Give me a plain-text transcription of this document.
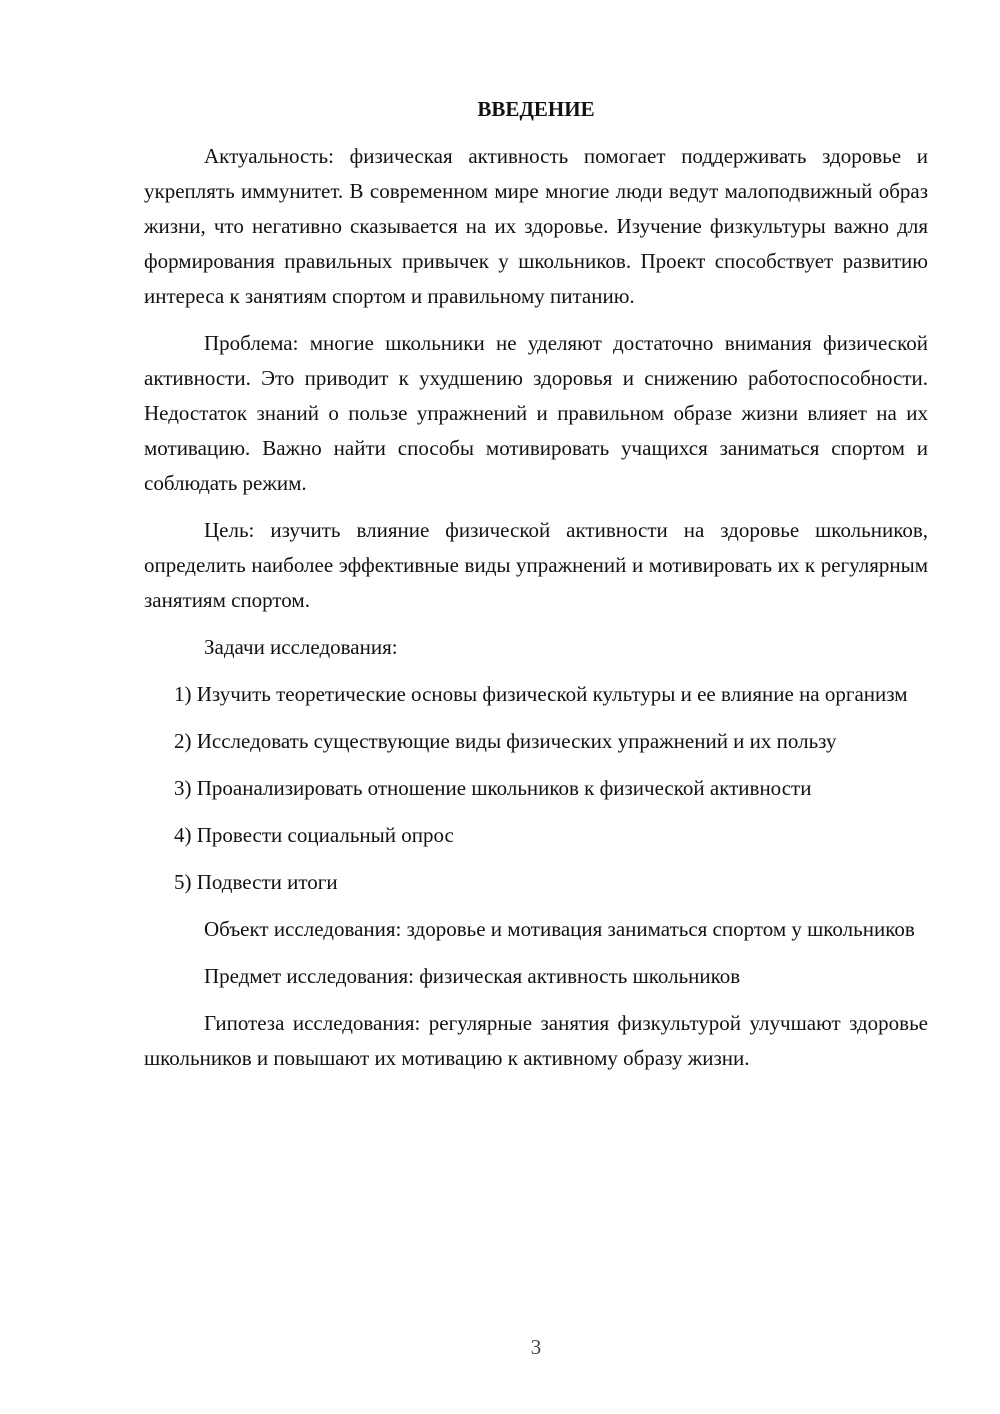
ВВЕДЕНИЕ

Актуальность: физическая активность помогает поддерживать здоровье и укреплять иммунитет. В современном мире многие люди ведут малоподвижный образ жизни, что негативно сказывается на их здоровье. Изучение физкультуры важно для формирования правильных привычек у школьников. Проект способствует развитию интереса к занятиям спортом и правильному питанию.

Проблема: многие школьники не уделяют достаточно внимания физической активности. Это приводит к ухудшению здоровья и снижению работоспособности. Недостаток знаний о пользе упражнений и правильном образе жизни влияет на их мотивацию. Важно найти способы мотивировать учащихся заниматься спортом и соблюдать режим.

Цель: изучить влияние физической активности на здоровье школьников, определить наиболее эффективные виды упражнений и мотивировать их к регулярным занятиям спортом.

Задачи исследования:

1) Изучить теоретические основы физической культуры и ее влияние на организм

2) Исследовать существующие виды физических упражнений и их пользу

3) Проанализировать отношение школьников к физической активности

4) Провести социальный опрос

5) Подвести итоги

Объект исследования: здоровье и мотивация заниматься спортом у школьников

Предмет исследования: физическая активность школьников

Гипотеза исследования: регулярные занятия физкультурой улучшают здоровье школьников и повышают их мотивацию к активному образу жизни.

3
